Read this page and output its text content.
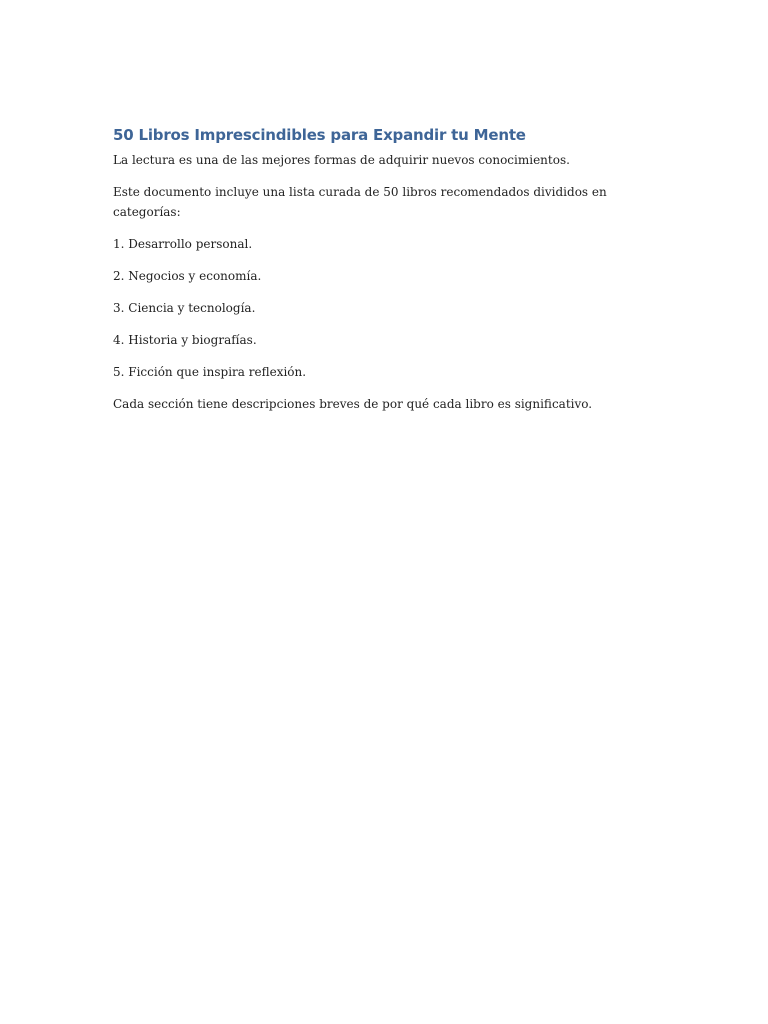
50 Libros Imprescindibles para Expandir tu Mente

La lectura es una de las mejores formas de adquirir nuevos conocimientos.

Este documento incluye una lista curada de 50 libros recomendados divididos en categorías:

1. Desarrollo personal.

2. Negocios y economía.

3. Ciencia y tecnología.

4. Historia y biografías.

5. Ficción que inspira reflexión.

Cada sección tiene descripciones breves de por qué cada libro es significativo.
